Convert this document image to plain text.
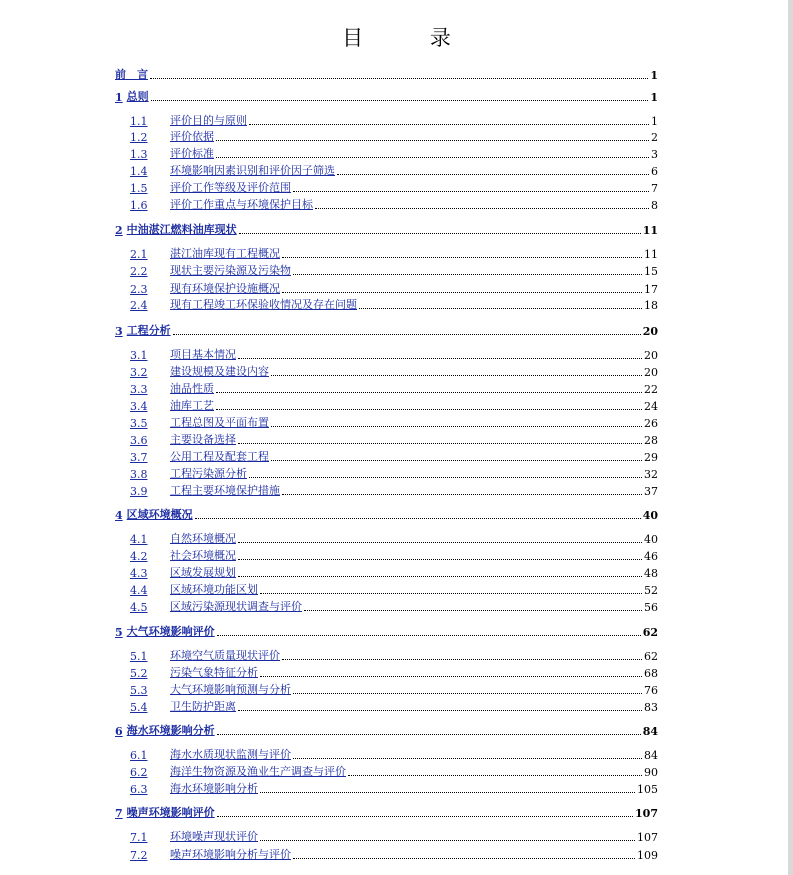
目 录
前　言	1
1 总则	1
1.1	评价目的与原则	1
1.2	评价依据	2
1.3	评价标准	3
1.4	环境影响因素识别和评价因子筛选	6
1.5	评价工作等级及评价范围	7
1.6	评价工作重点与环境保护目标	8
2 中油湛江燃料油库现状	11
2.1	湛江油库现有工程概况	11
2.2	现状主要污染源及污染物	15
2.3	现有环境保护设施概况	17
2.4	现有工程竣工环保验收情况及存在问题	18
3 工程分析	20
3.1	项目基本情况	20
3.2	建设规模及建设内容	20
3.3	油品性质	22
3.4	油库工艺	24
3.5	工程总图及平面布置	26
3.6	主要设备选择	28
3.7	公用工程及配套工程	29
3.8	工程污染源分析	32
3.9	工程主要环境保护措施	37
4 区域环境概况	40
4.1	自然环境概况	40
4.2	社会环境概况	46
4.3	区域发展规划	48
4.4	区域环境功能区划	52
4.5	区域污染源现状调查与评价	56
5 大气环境影响评价	62
5.1	环境空气质量现状评价	62
5.2	污染气象特征分析	68
5.3	大气环境影响预测与分析	76
5.4	卫生防护距离	83
6 海水环境影响分析	84
6.1	海水水质现状监测与评价	84
6.2	海洋生物资源及渔业生产调查与评价	90
6.3	海水环境影响分析	105
7 噪声环境影响评价	107
7.1	环境噪声现状评价	107
7.2	噪声环境影响分析与评价	109
